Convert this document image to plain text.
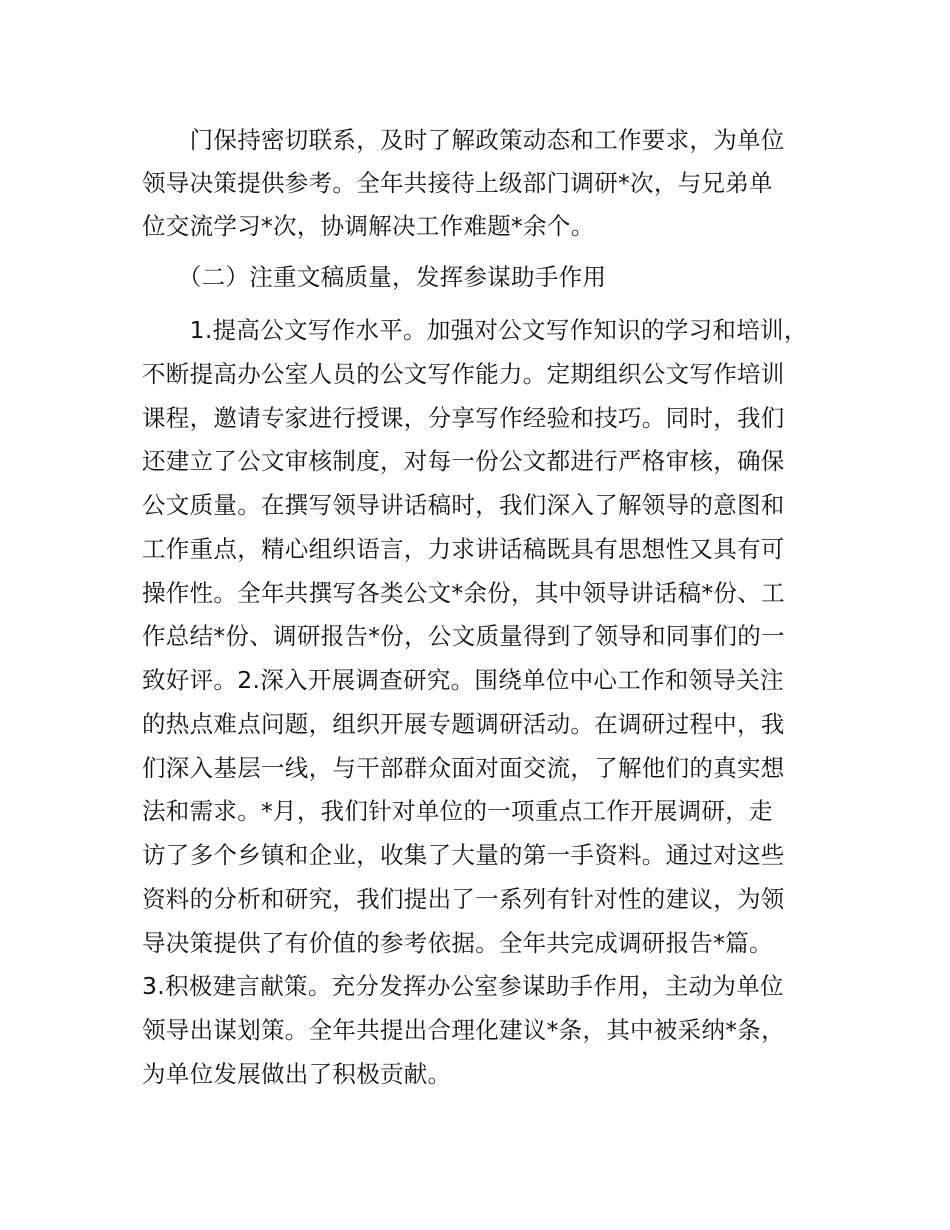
　　门保持密切联系，及时了解政策动态和工作要求，为单位
领导决策提供参考。全年共接待上级部门调研*次，与兄弟单
位交流学习*次，协调解决工作难题*余个。
　　（二）注重文稿质量，发挥参谋助手作用
　　1.提高公文写作水平。加强对公文写作知识的学习和培训，
不断提高办公室人员的公文写作能力。定期组织公文写作培训
课程，邀请专家进行授课，分享写作经验和技巧。同时，我们
还建立了公文审核制度，对每一份公文都进行严格审核，确保
公文质量。在撰写领导讲话稿时，我们深入了解领导的意图和
工作重点，精心组织语言，力求讲话稿既具有思想性又具有可
操作性。全年共撰写各类公文*余份，其中领导讲话稿*份、工
作总结*份、调研报告*份，公文质量得到了领导和同事们的一
致好评。2.深入开展调查研究。围绕单位中心工作和领导关注
的热点难点问题，组织开展专题调研活动。在调研过程中，我
们深入基层一线，与干部群众面对面交流，了解他们的真实想
法和需求。*月，我们针对单位的一项重点工作开展调研，走
访了多个乡镇和企业，收集了大量的第一手资料。通过对这些
资料的分析和研究，我们提出了一系列有针对性的建议，为领
导决策提供了有价值的参考依据。全年共完成调研报告*篇。
3.积极建言献策。充分发挥办公室参谋助手作用，主动为单位
领导出谋划策。全年共提出合理化建议*条，其中被采纳*条，
为单位发展做出了积极贡献。
